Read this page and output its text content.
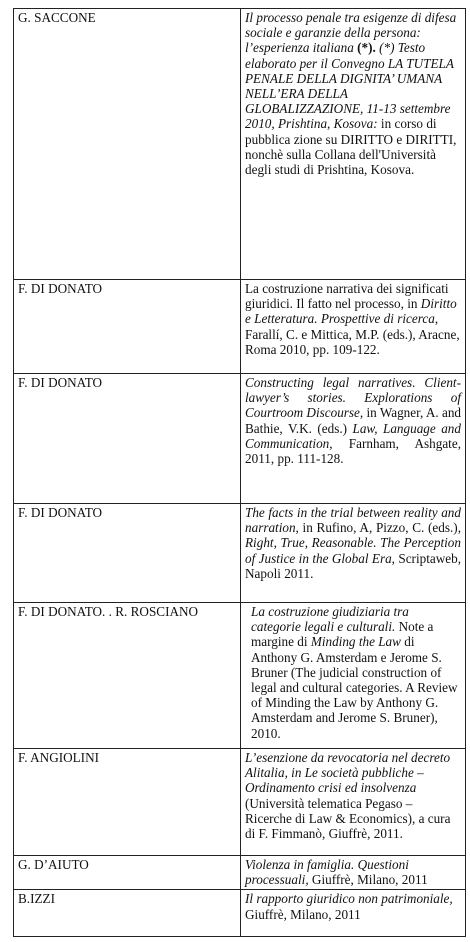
G. SACCONE	Il processo penale tra esigenze di difesa sociale e garanzie della persona: l’esperienza italiana (*). (*) Testo elaborato per il Convegno LA TUTELA PENALE DELLA DIGNITA’ UMANA NELL’ERA DELLA GLOBALIZZAZIONE, 11-13 settembre 2010, Prishtina, Kosova: in corso di pubblica zione su DIRITTO e DIRITTI, nonchè sulla Collana dell'Università degli studi di Prishtina, Kosova.
F. DI DONATO	La costruzione narrativa dei significati giuridici. Il fatto nel processo, in Diritto e Letteratura. Prospettive di ricerca, Farallí, C. e Mittica, M.P. (eds.), Aracne, Roma 2010, pp. 109-122.
F. DI DONATO	Constructing legal narratives. Client-lawyer’s stories. Explorations of Courtroom Discourse, in Wagner, A. and Bathie, V.K. (eds.) Law, Language and Communication, Farnham, Ashgate, 2011, pp. 111-128.
F. DI DONATO	The facts in the trial between reality and narration, in Rufino, A, Pizzo, C. (eds.), Right, True, Reasonable. The Perception of Justice in the Global Era, Scriptaweb, Napoli 2011.
F. DI DONATO. . R. ROSCIANO	La costruzione giudiziaria tra categorie legali e culturali. Note a margine di Minding the Law di Anthony G. Amsterdam e Jerome S. Bruner (The judicial construction of legal and cultural categories. A Review of Minding the Law by Anthony G. Amsterdam and Jerome S. Bruner), 2010.
F. ANGIOLINI	L’esenzione da revocatoria nel decreto Alitalia, in Le società pubbliche – Ordinamento crisi ed insolvenza (Università telematica Pegaso – Ricerche di Law & Economics), a cura di F. Fimmanò, Giuffrè, 2011.
G. D’AIUTO	Violenza in famiglia. Questioni processuali, Giuffrè, Milano, 2011
B.IZZI	Il rapporto giuridico non patrimoniale, Giuffrè, Milano, 2011
